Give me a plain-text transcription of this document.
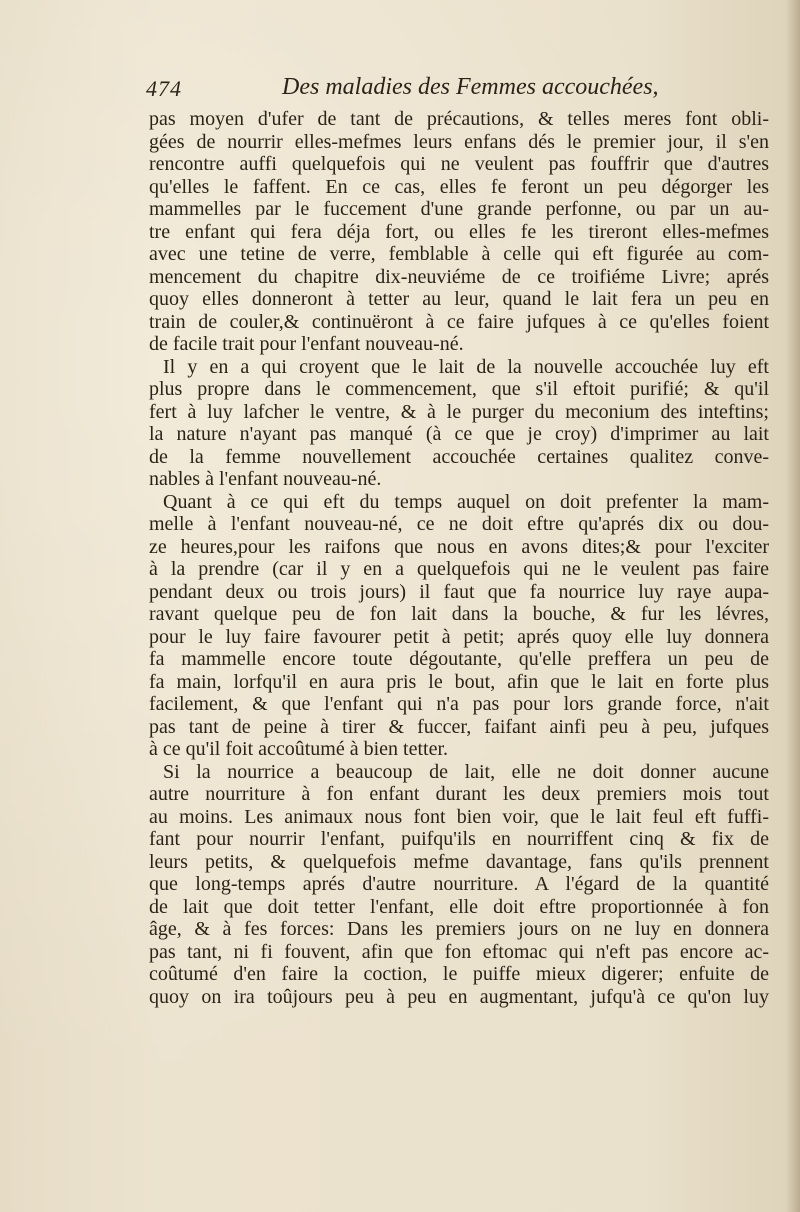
474	Des maladies des Femmes accouchées,
pas moyen d'ufer de tant de précautions, & telles meres font obli-
gées de nourrir elles-mefmes leurs enfans dés le premier jour, il s'en
rencontre auffi quelquefois qui ne veulent pas fouffrir que d'autres
qu'elles le faffent. En ce cas, elles fe feront un peu dégorger les
mammelles par le fuccement d'une grande perfonne, ou par un au-
tre enfant qui fera déja fort, ou elles fe les tireront elles-mefmes
avec une tetine de verre, femblable à celle qui eft figurée au com-
mencement du chapitre dix-neuviéme de ce troifiéme Livre; aprés
quoy elles donneront à tetter au leur, quand le lait fera un peu en
train de couler,& continuëront à ce faire jufques à ce qu'elles foient
de facile trait pour l'enfant nouveau-né.
Il y en a qui croyent que le lait de la nouvelle accouchée luy eft
plus propre dans le commencement, que s'il eftoit purifié; & qu'il
fert à luy lafcher le ventre, & à le purger du meconium des inteftins;
la nature n'ayant pas manqué (à ce que je croy) d'imprimer au lait
de la femme nouvellement accouchée certaines qualitez conve-
nables à l'enfant nouveau-né.
Quant à ce qui eft du temps auquel on doit prefenter la mam-
melle à l'enfant nouveau-né, ce ne doit eftre qu'aprés dix ou dou-
ze heures,pour les raifons que nous en avons dites;& pour l'exciter
à la prendre (car il y en a quelquefois qui ne le veulent pas faire
pendant deux ou trois jours) il faut que fa nourrice luy raye aupa-
ravant quelque peu de fon lait dans la bouche, & fur les lévres,
pour le luy faire favourer petit à petit; aprés quoy elle luy donnera
fa mammelle encore toute dégoutante, qu'elle preffera un peu de
fa main, lorfqu'il en aura pris le bout, afin que le lait en forte plus
facilement, & que l'enfant qui n'a pas pour lors grande force, n'ait
pas tant de peine à tirer & fuccer, faifant ainfi peu à peu, jufques
à ce qu'il foit accoûtumé à bien tetter.
Si la nourrice a beaucoup de lait, elle ne doit donner aucune
autre nourriture à fon enfant durant les deux premiers mois tout
au moins. Les animaux nous font bien voir, que le lait feul eft fuffi-
fant pour nourrir l'enfant, puifqu'ils en nourriffent cinq & fix de
leurs petits, & quelquefois mefme davantage, fans qu'ils prennent
que long-temps aprés d'autre nourriture. A l'égard de la quantité
de lait que doit tetter l'enfant, elle doit eftre proportionnée à fon
âge, & à fes forces: Dans les premiers jours on ne luy en donnera
pas tant, ni fi fouvent, afin que fon eftomac qui n'eft pas encore ac-
coûtumé d'en faire la coction, le puiffe mieux digerer; enfuite de
quoy on ira toûjours peu à peu en augmentant, jufqu'à ce qu'on luy
